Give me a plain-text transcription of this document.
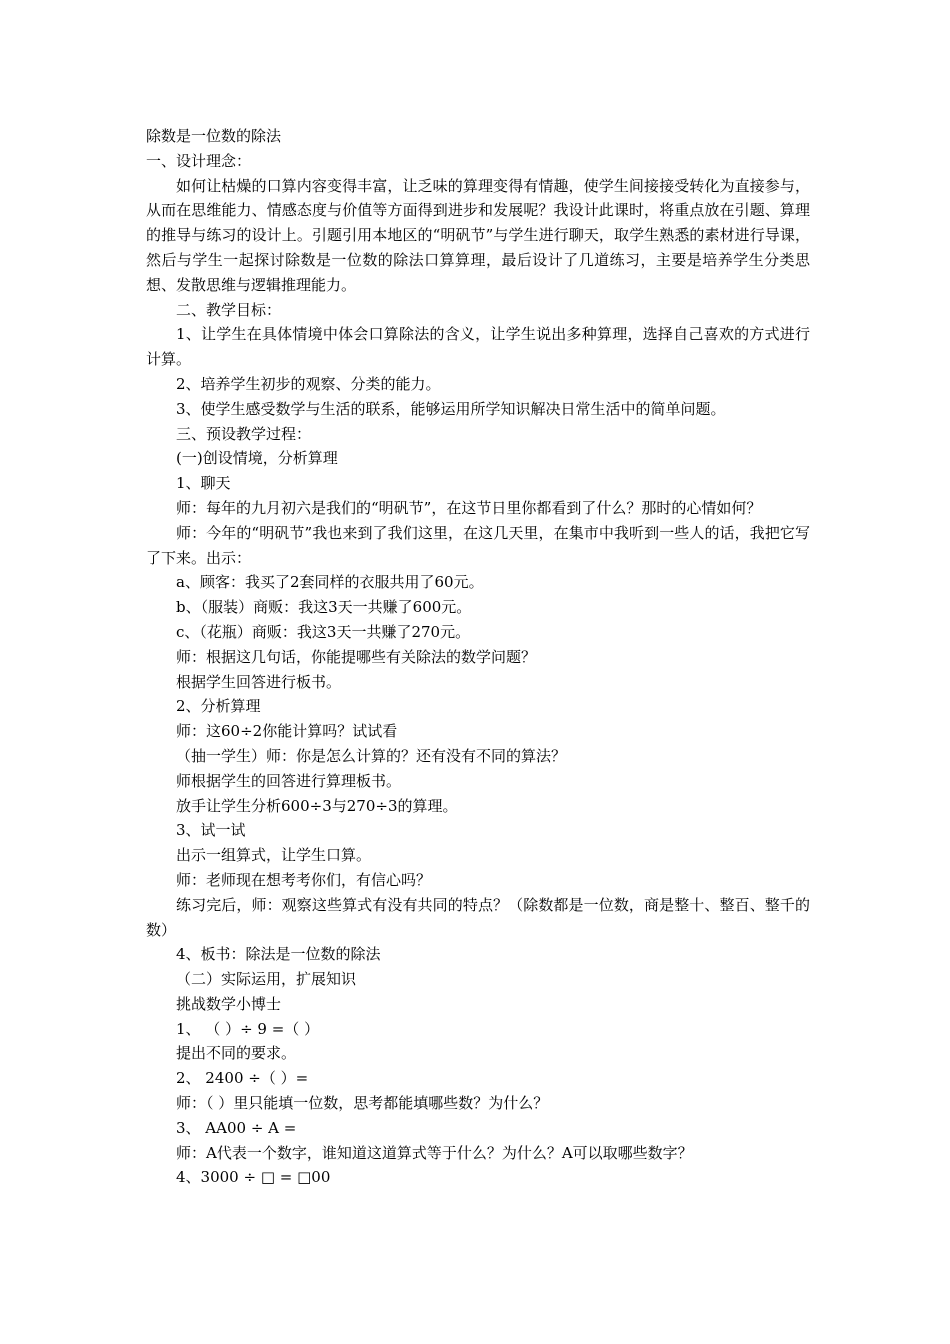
除数是一位数的除法

一、设计理念：

如何让枯燥的口算内容变得丰富，让乏味的算理变得有情趣，使学生间接接受转化为直接参与，从而在思维能力、情感态度与价值等方面得到进步和发展呢？我设计此课时，将重点放在引题、算理的推导与练习的设计上。引题引用本地区的“明矾节”与学生进行聊天，取学生熟悉的素材进行导课，然后与学生一起探讨除数是一位数的除法口算算理，最后设计了几道练习，主要是培养学生分类思想、发散思维与逻辑推理能力。

二、教学目标：

1、让学生在具体情境中体会口算除法的含义，让学生说出多种算理，选择自己喜欢的方式进行计算。

2、培养学生初步的观察、分类的能力。

3、使学生感受数学与生活的联系，能够运用所学知识解决日常生活中的简单问题。

三、预设教学过程：

(一)创设情境，分析算理

1、聊天

师：每年的九月初六是我们的“明矾节”，在这节日里你都看到了什么？那时的心情如何？

师：今年的“明矾节”我也来到了我们这里，在这几天里，在集市中我听到一些人的话，我把它写了下来。出示：

a、顾客：我买了2套同样的衣服共用了60元。

b、（服装）商贩：我这3天一共赚了600元。

c、（花瓶）商贩：我这3天一共赚了270元。

师：根据这几句话，你能提哪些有关除法的数学问题？

根据学生回答进行板书。

2、分析算理

师：这60÷2你能计算吗？试试看

（抽一学生）师：你是怎么计算的？还有没有不同的算法？

师根据学生的回答进行算理板书。

放手让学生分析600÷3与270÷3的算理。

3、试一试

出示一组算式，让学生口算。

师：老师现在想考考你们，有信心吗？

练习完后，师：观察这些算式有没有共同的特点？（除数都是一位数，商是整十、整百、整千的数）

4、板书：除法是一位数的除法

（二）实际运用，扩展知识

挑战数学小博士

1、 （ ）÷ 9 =（ ）

提出不同的要求。

2、 2400 ÷（ ）=

师：（ ）里只能填一位数，思考都能填哪些数？为什么？

3、 AA00 ÷ A =

师：A代表一个数字，谁知道这道算式等于什么？为什么？A可以取哪些数字？

4、3000 ÷ □ = □00
